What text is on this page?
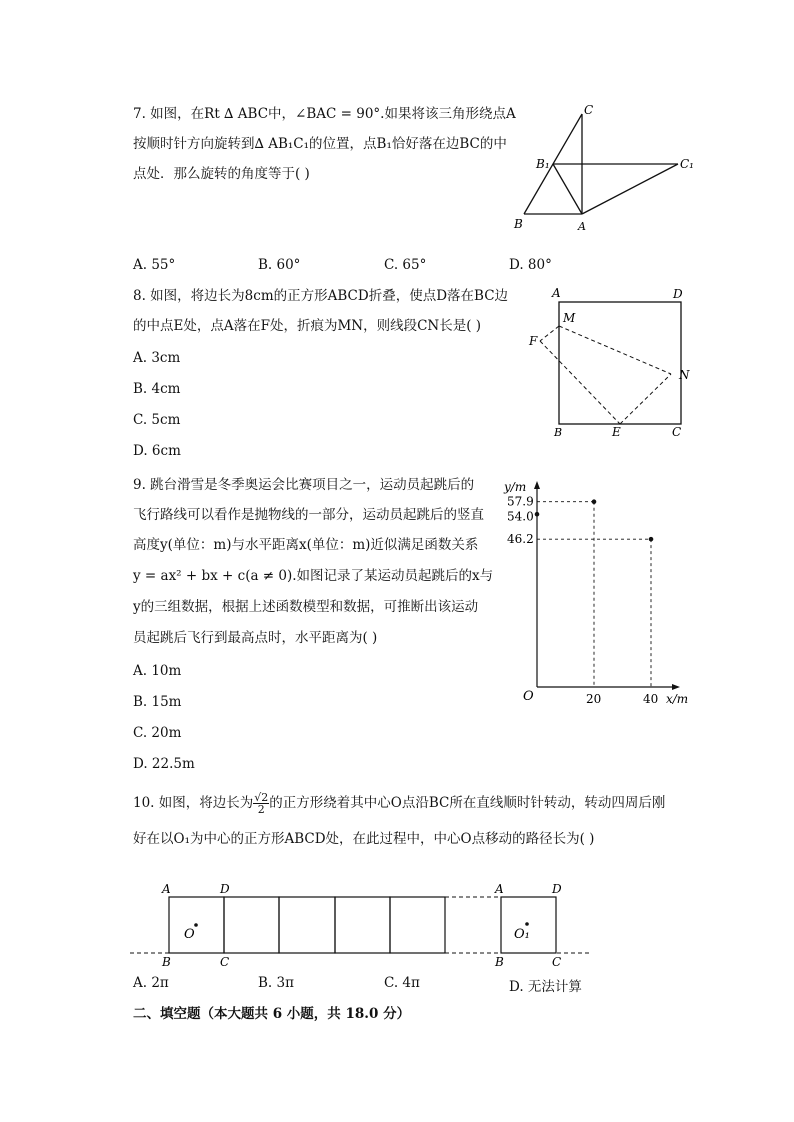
7. 如图，在Rt ∆ ABC中，∠BAC = 90°.如果将该三角形绕点A
按顺时针方向旋转到∆ AB₁C₁的位置，点B₁恰好落在边BC的中
点处．那么旋转的角度等于( )
C
B₁	C₁
B	A
A. 55°	B. 60°	C. 65°	D. 80°
8. 如图，将边长为8cm的正方形ABCD折叠，使点D落在BC边
的中点E处，点A落在F处，折痕为MN，则线段CN长是( )
A. 3cm
B. 4cm
C. 5cm
D. 6cm
A	D
M
F
N
B	E	C
9. 跳台滑雪是冬季奥运会比赛项目之一，运动员起跳后的
飞行路线可以看作是抛物线的一部分，运动员起跳后的竖直
高度y(单位：m)与水平距离x(单位：m)近似满足函数关系
y = ax² + bx + c(a ≠ 0).如图记录了某运动员起跳后的x与
y的三组数据，根据上述函数模型和数据，可推断出该运动
员起跳后飞行到最高点时，水平距离为( )
A. 10m
B. 15m
C. 20m
D. 22.5m
57.9
54.0
46.2
20	40
y/m
x/m
O
10. 如图，将边长为 $\frac{√2}{2}$ 的正方形绕着其中心O点沿BC所在直线顺时针转动，转动四周后刚
好在以O₁为中心的正方形ABCD处，在此过程中，中心O点移动的路径长为( )
A	D
B	C
O
A	D
B	C
O₁
A. 2π	B. 3π	C. 4π	D. 无法计算
二、填空题（本大题共 6 小题，共 18.0 分）
